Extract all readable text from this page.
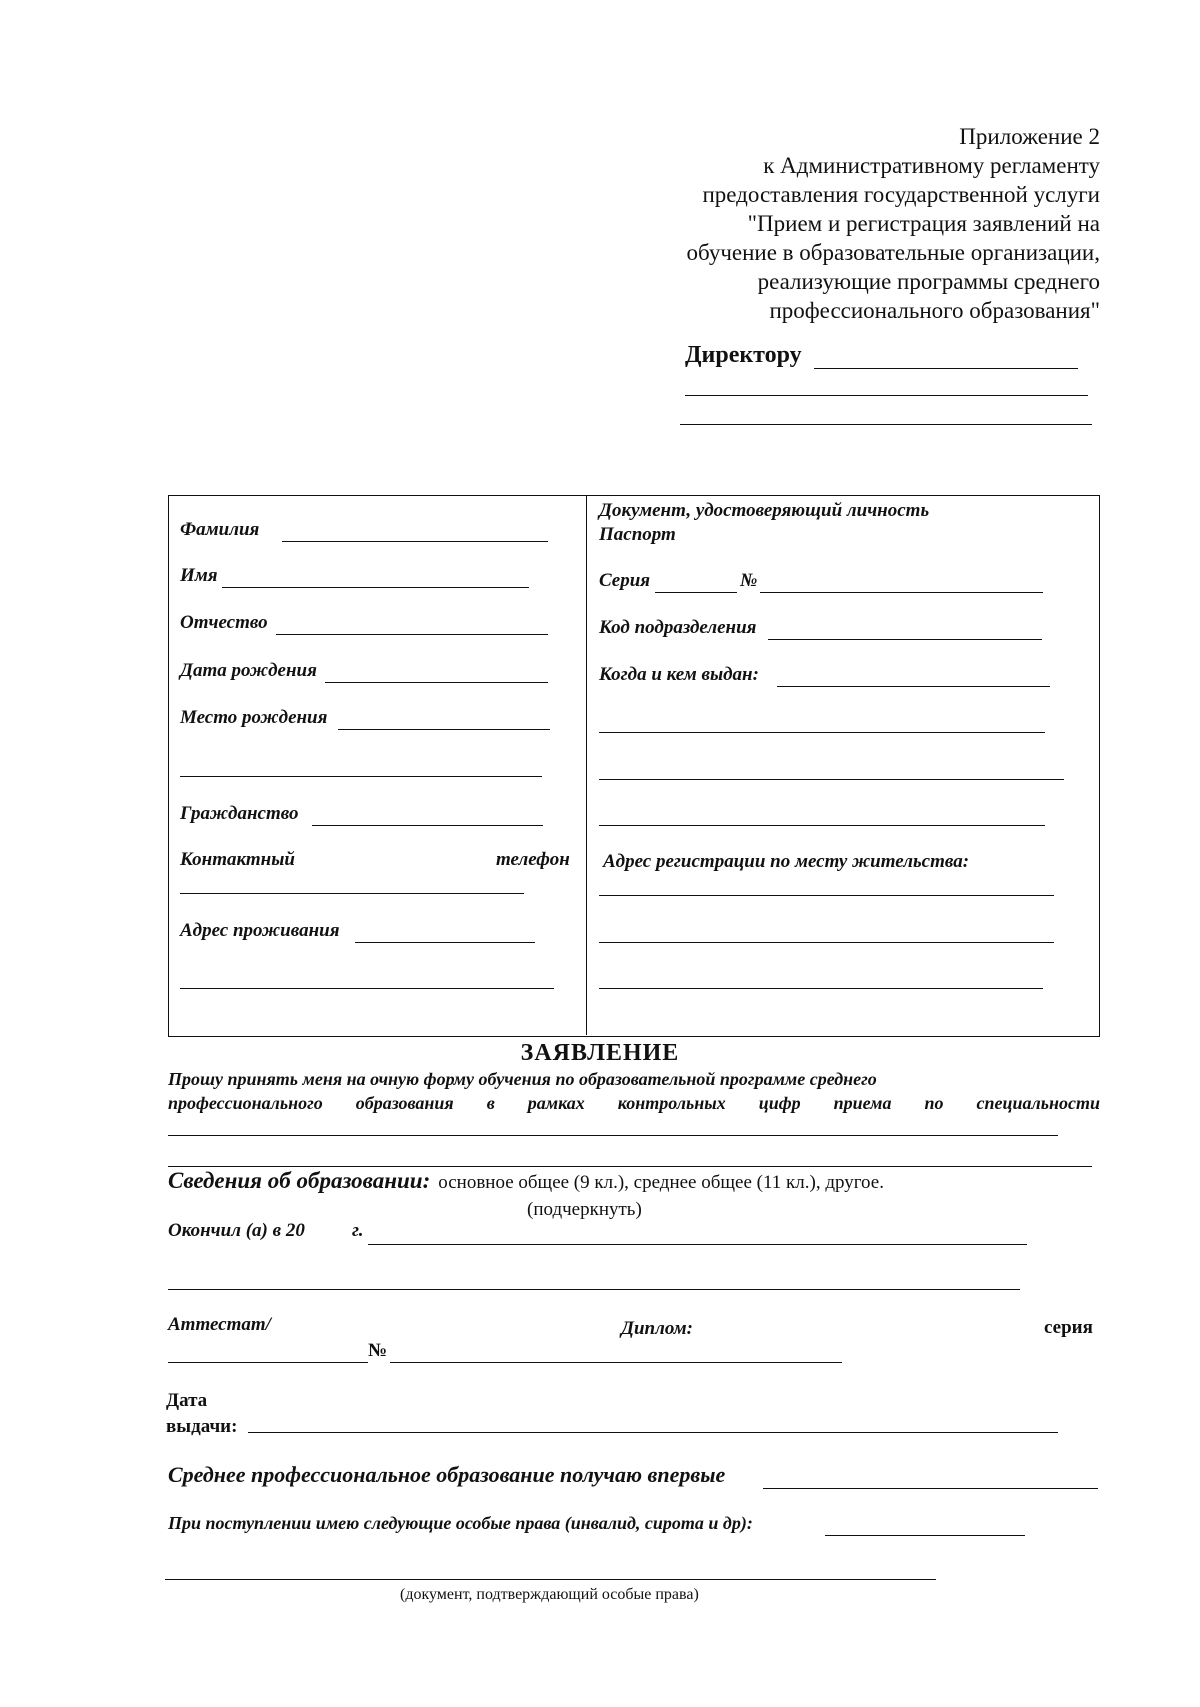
Приложение 2
к Административному регламенту
предоставления государственной услуги
"Прием и регистрация заявлений на
обучение в образовательные организации,
реализующие программы среднего
профессионального образования"
Директору
Фамилия
Имя
Отчество
Дата рождения
Место рождения
Гражданство
Контактный	телефон
Адрес проживания
Документ, удостоверяющий личность
Паспорт
Серия	№
Код подразделения
Когда и кем выдан:
Адрес регистрации по месту жительства:
ЗАЯВЛЕНИЕ
Прошу принять меня на очную форму обучения по образовательной программе среднего
профессионального образования в рамках контрольных цифр приема по специальности
Сведения об образовании: основное общее (9 кл.), среднее общее (11 кл.), другое.
(подчеркнуть)
Окончил (а) в 20 г.
Аттестат/	Диплом:	серия
№
Дата
выдачи:
Среднее профессиональное образование получаю впервые
При поступлении имею следующие особые права (инвалид, сирота и др):
(документ, подтверждающий особые права)
